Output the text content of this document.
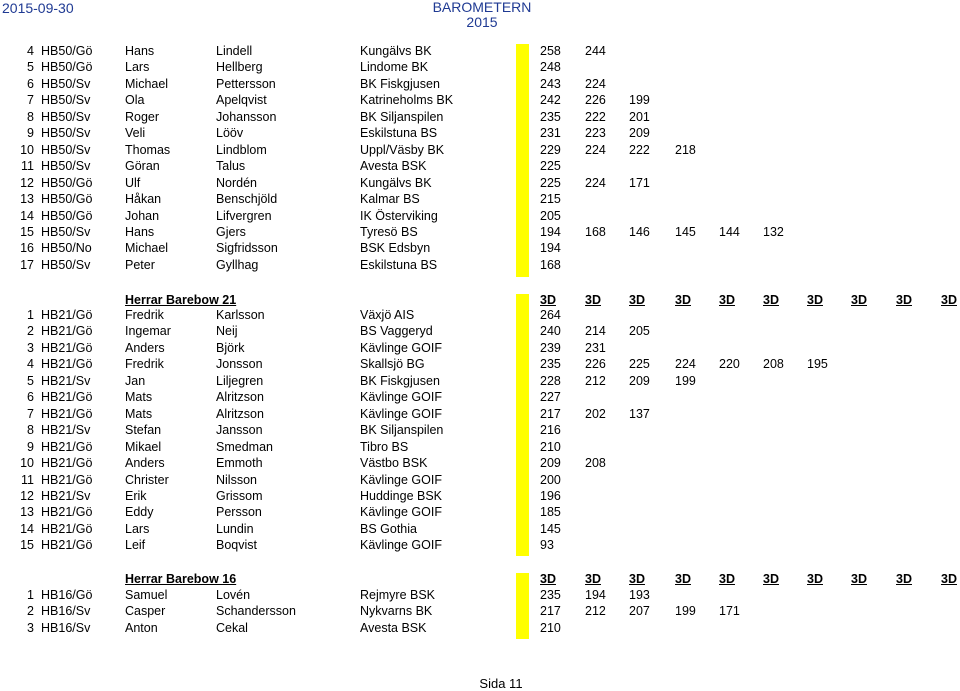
2015-09-30	BAROMETERN
2015
4 HB50/Gö	Hans	Lindell	Kungälvs BK	258 244
5 HB50/Gö	Lars	Hellberg	Lindome BK	248
6 HB50/Sv	Michael	Pettersson	BK Fiskgjusen	243 224
7 HB50/Sv	Ola	Apelqvist	Katrineholms BK	242 226 199
8 HB50/Sv	Roger	Johansson	BK Siljanspilen	235 222 201
9 HB50/Sv	Veli	Lööv	Eskilstuna BS	231 223 209
10 HB50/Sv	Thomas	Lindblom	Uppl/Väsby BK	229 224 222 218
11 HB50/Sv	Göran	Talus	Avesta BSK	225
12 HB50/Gö	Ulf	Nordén	Kungälvs BK	225 224 171
13 HB50/Gö	Håkan	Benschjöld	Kalmar BS	215
14 HB50/Gö	Johan	Lifvergren	IK Österviking	205
15 HB50/Sv	Hans	Gjers	Tyresö BS	194 168 146 145 144 132
16 HB50/No	Michael	Sigfridsson	BSK Edsbyn	194
17 HB50/Sv	Peter	Gyllhag	Eskilstuna BS	168
Herrar Barebow 21	3D 3D 3D 3D 3D 3D 3D 3D 3D 3D
1 HB21/Gö	Fredrik	Karlsson	Växjö AIS	264
2 HB21/Gö	Ingemar	Neij	BS Vaggeryd	240 214 205
3 HB21/Gö	Anders	Björk	Kävlinge GOIF	239 231
4 HB21/Gö	Fredrik	Jonsson	Skallsjö BG	235 226 225 224 220 208 195
5 HB21/Sv	Jan	Liljegren	BK Fiskgjusen	228 212 209 199
6 HB21/Gö	Mats	Alritzson	Kävlinge GOIF	227
7 HB21/Gö	Mats	Alritzson	Kävlinge GOIF	217 202 137
8 HB21/Sv	Stefan	Jansson	BK Siljanspilen	216
9 HB21/Gö	Mikael	Smedman	Tibro BS	210
10 HB21/Gö	Anders	Emmoth	Västbo BSK	209 208
11 HB21/Gö	Christer	Nilsson	Kävlinge GOIF	200
12 HB21/Sv	Erik	Grissom	Huddinge BSK	196
13 HB21/Gö	Eddy	Persson	Kävlinge GOIF	185
14 HB21/Gö	Lars	Lundin	BS Gothia	145
15 HB21/Gö	Leif	Boqvist	Kävlinge GOIF	93
Herrar Barebow 16	3D 3D 3D 3D 3D 3D 3D 3D 3D 3D
1 HB16/Gö	Samuel	Lovén	Rejmyre BSK	235 194 193
2 HB16/Sv	Casper	Schandersson	Nykvarns BK	217 212 207 199 171
3 HB16/Sv	Anton	Cekal	Avesta BSK	210
Sida 11
